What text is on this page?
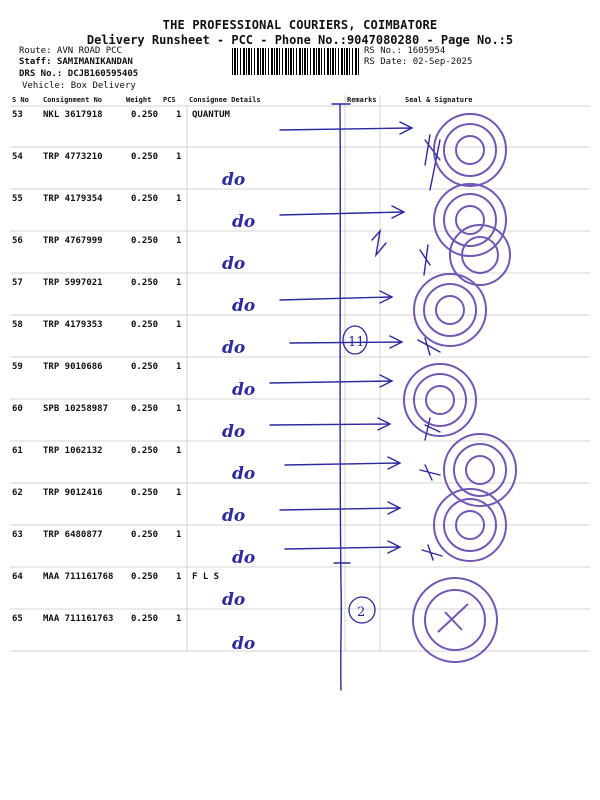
THE PROFESSIONAL COURIERS, COIMBATORE
Delivery Runsheet - PCC - Phone No.:9047080280 - Page No.:5
Route: AVN ROAD PCC
Staff: SAMIMANIKANDAN
DRS No.: DCJB160595405
Vehicle: Box Delivery
RS No.: 1605954
RS Date: 02-Sep-2025
S No Consignment No	Weight PCS Consignee Details	Remarks	Seal & Signature
53 NKL 3617918	0.250 1 QUANTUM
54 TRP 4773210	0.250 1
do
55 TRP 4179354	0.250 1
do
56 TRP 4767999	0.250 1
do
57 TRP 5997021	0.250 1
do
58 TRP 4179353	0.250 1
do
59 TRP 9010686	0.250 1
do
60 SPB 10258987	0.250 1
do
61 TRP 1062132	0.250 1
do
62 TRP 9012416	0.250 1
do
63 TRP 6480877	0.250 1
do
64 MAA 711161768 0.250 1 F L S
do
65 MAA 711161763 0.250 1
do
11
2
